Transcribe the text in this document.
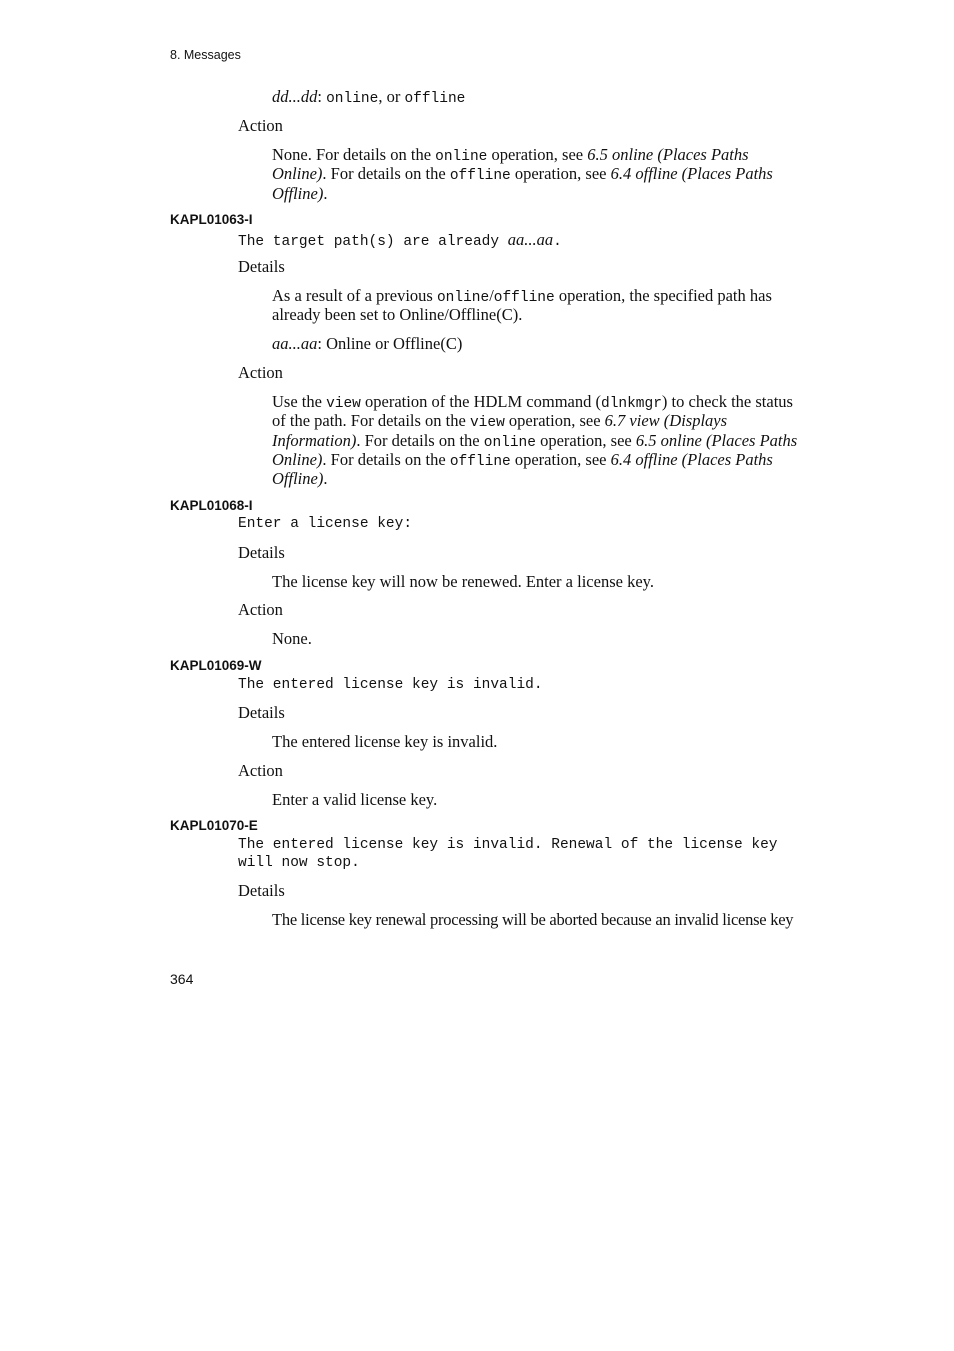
8. Messages
dd...dd: online, or offline
Action
None. For details on the online operation, see 6.5 online (Places Paths
Online). For details on the offline operation, see 6.4 offline (Places Paths
Offline).
KAPL01063-I
The target path(s) are already aa...aa.
Details
As a result of a previous online/offline operation, the specified path has
already been set to Online/Offline(C).
aa...aa: Online or Offline(C)
Action
Use the view operation of the HDLM command (dlnkmgr) to check the status
of the path. For details on the view operation, see 6.7 view (Displays
Information). For details on the online operation, see 6.5 online (Places Paths
Online). For details on the offline operation, see 6.4 offline (Places Paths
Offline).
KAPL01068-I
Enter a license key:
Details
The license key will now be renewed. Enter a license key.
Action
None.
KAPL01069-W
The entered license key is invalid.
Details
The entered license key is invalid.
Action
Enter a valid license key.
KAPL01070-E
The entered license key is invalid. Renewal of the license key
will now stop.
Details
The license key renewal processing will be aborted because an invalid license key
364
